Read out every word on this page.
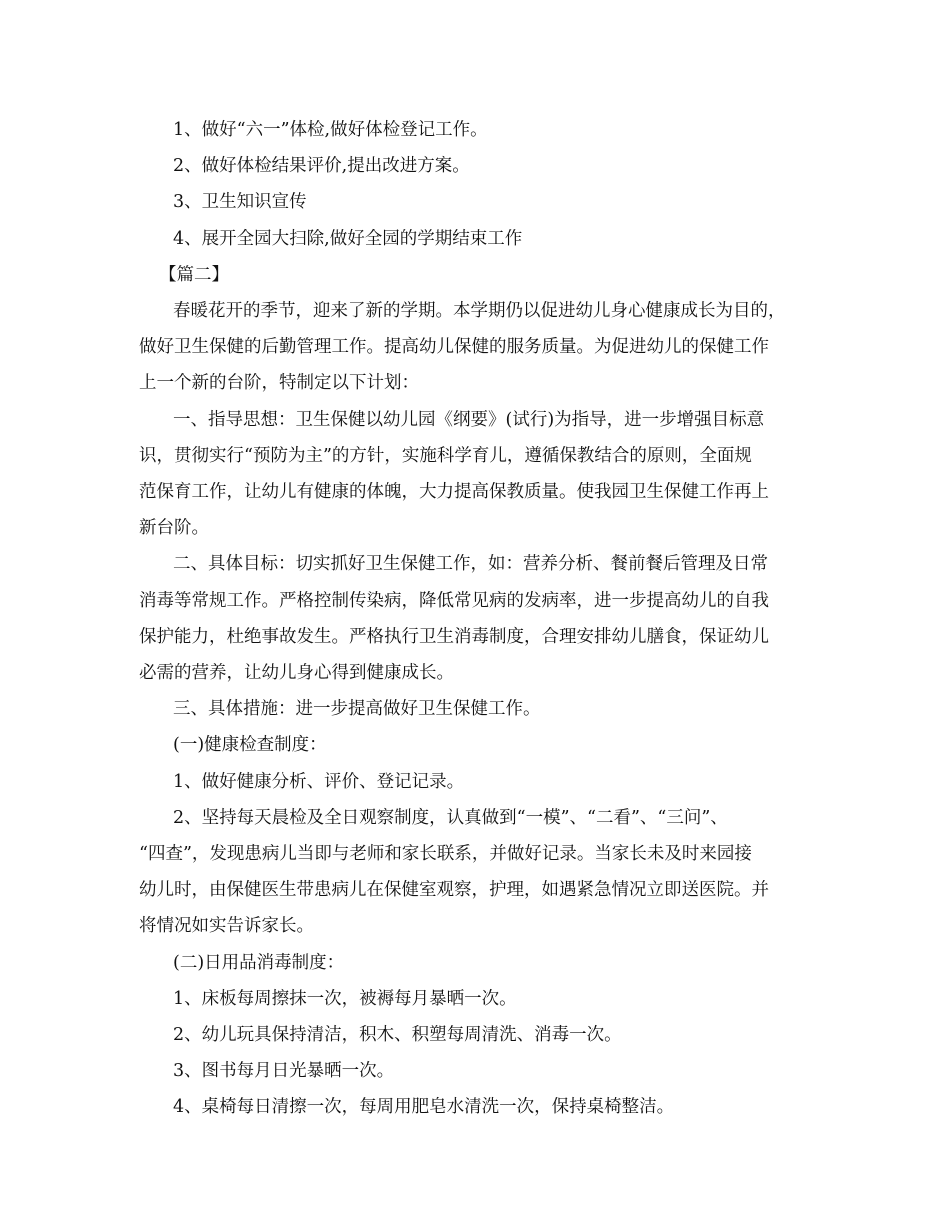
1、做好“六一”体检,做好体检登记工作。
2、做好体检结果评价,提出改进方案。
3、卫生知识宣传
4、展开全园大扫除,做好全园的学期结束工作
【篇二】
春暖花开的季节，迎来了新的学期。本学期仍以促进幼儿身心健康成长为目的，
做好卫生保健的后勤管理工作。提高幼儿保健的服务质量。为促进幼儿的保健工作
上一个新的台阶，特制定以下计划：
一、指导思想：卫生保健以幼儿园《纲要》(试行)为指导，进一步增强目标意
识，贯彻实行“预防为主”的方针，实施科学育儿，遵循保教结合的原则，全面规
范保育工作，让幼儿有健康的体魄，大力提高保教质量。使我园卫生保健工作再上
新台阶。
二、具体目标：切实抓好卫生保健工作，如：营养分析、餐前餐后管理及日常
消毒等常规工作。严格控制传染病，降低常见病的发病率，进一步提高幼儿的自我
保护能力，杜绝事故发生。严格执行卫生消毒制度，合理安排幼儿膳食，保证幼儿
必需的营养，让幼儿身心得到健康成长。
三、具体措施：进一步提高做好卫生保健工作。
(一)健康检查制度：
1、做好健康分析、评价、登记记录。
2、坚持每天晨检及全日观察制度，认真做到“一模”、“二看”、“三问”、
“四查”，发现患病儿当即与老师和家长联系，并做好记录。当家长未及时来园接
幼儿时，由保健医生带患病儿在保健室观察，护理，如遇紧急情况立即送医院。并
将情况如实告诉家长。
(二)日用品消毒制度：
1、床板每周擦抹一次，被褥每月暴晒一次。
2、幼儿玩具保持清洁，积木、积塑每周清洗、消毒一次。
3、图书每月日光暴晒一次。
4、桌椅每日清擦一次，每周用肥皂水清洗一次，保持桌椅整洁。
